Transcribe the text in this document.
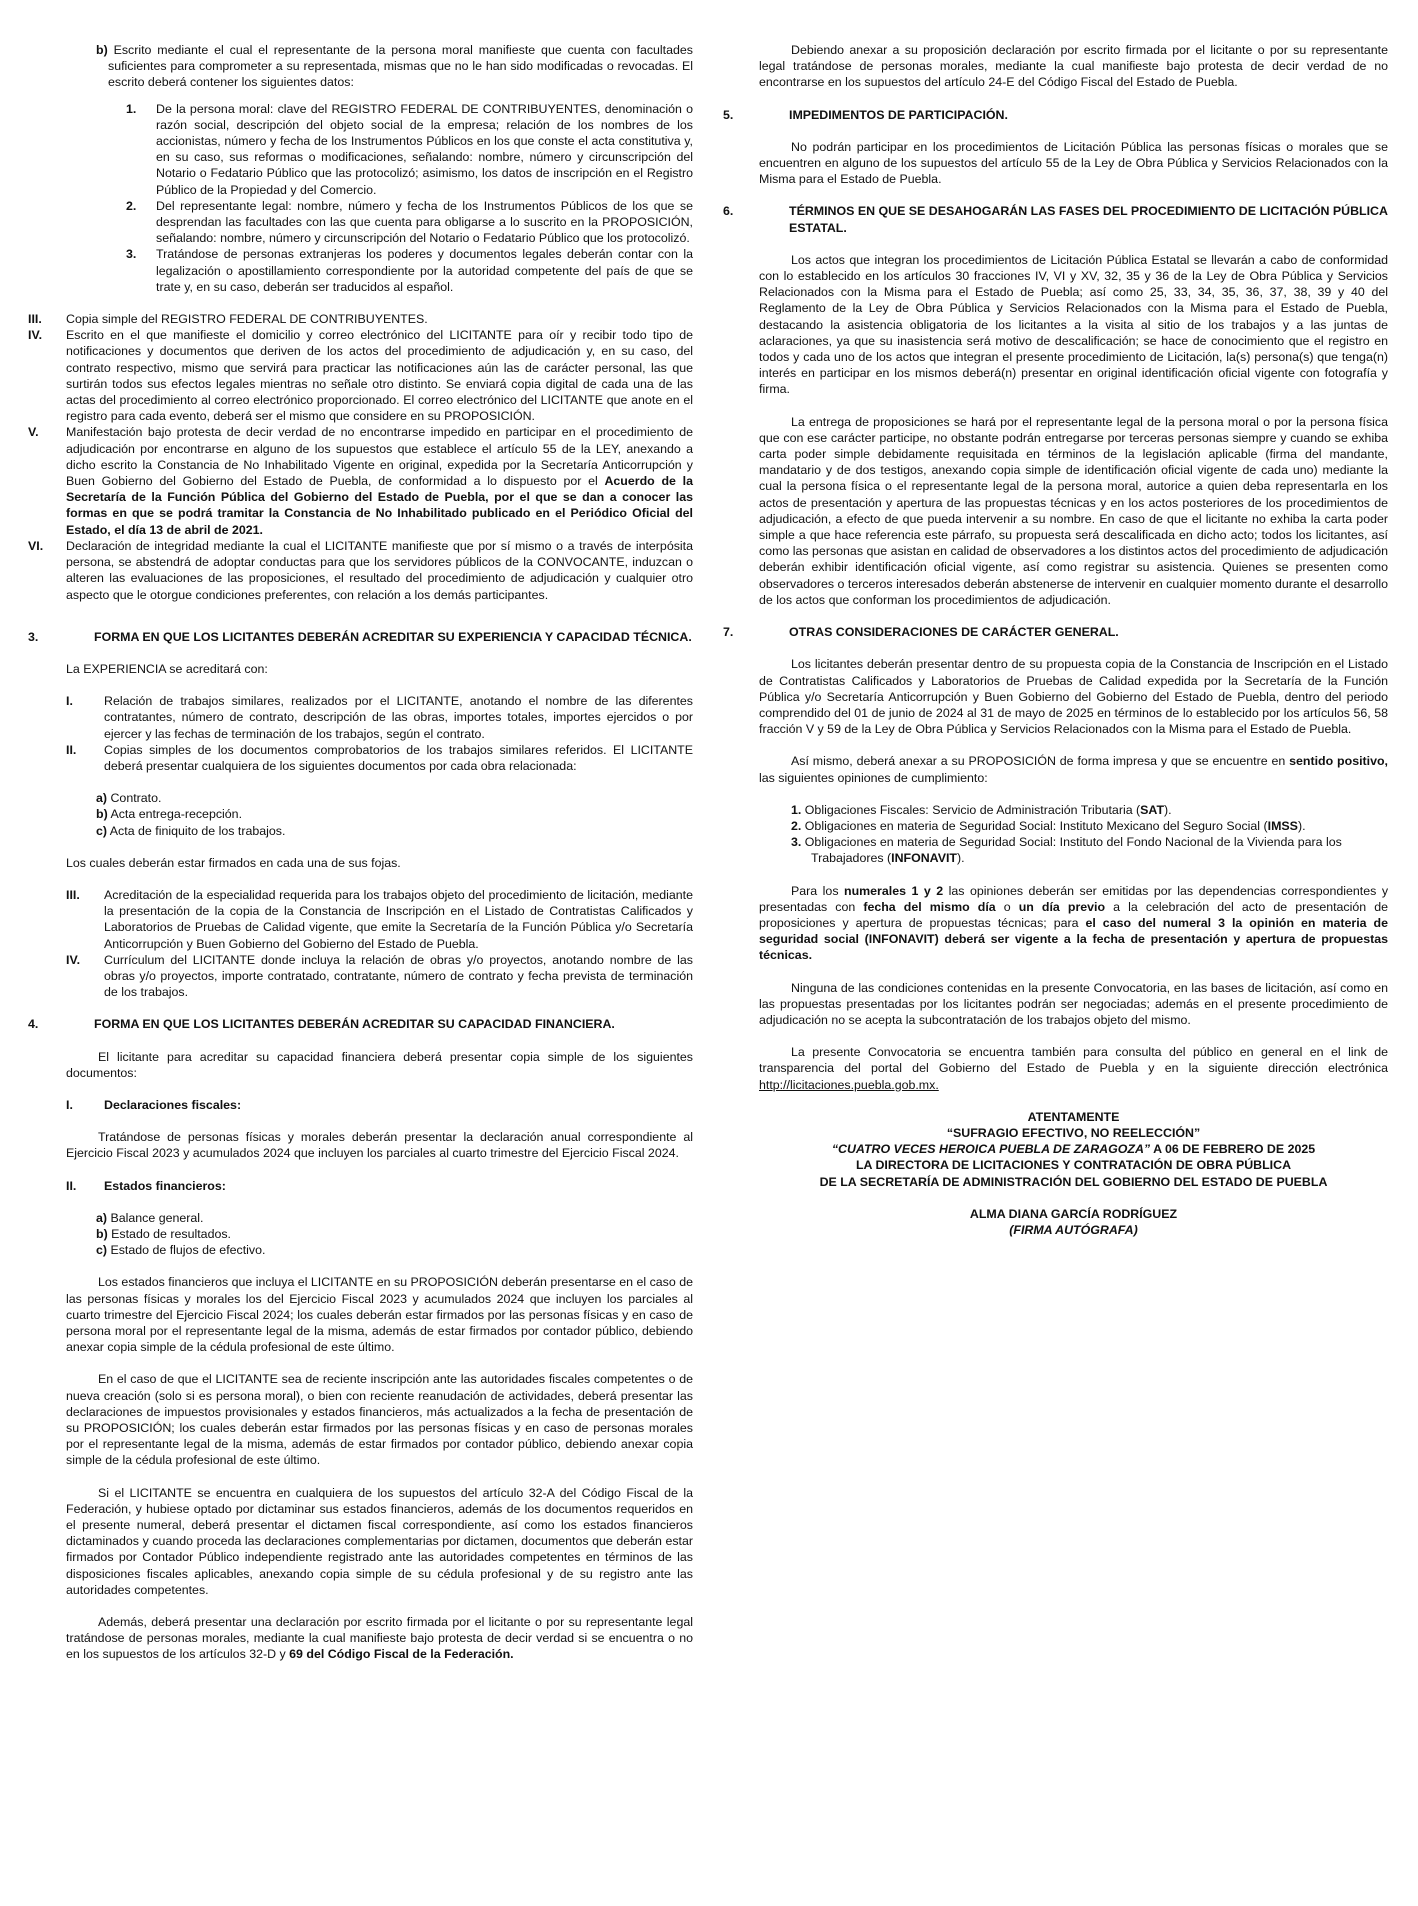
b) Escrito mediante el cual el representante de la persona moral manifieste que cuenta con facultades suficientes para comprometer a su representada, mismas que no le han sido modificadas o revocadas. El escrito deberá contener los siguientes datos:
1.	De la persona moral: clave del REGISTRO FEDERAL DE CONTRIBUYENTES, denominación o razón social, descripción del objeto social de la empresa; relación de los nombres de los accionistas, número y fecha de los Instrumentos Públicos en los que conste el acta constitutiva y, en su caso, sus reformas o modificaciones, señalando: nombre, número y circunscripción del Notario o Fedatario Público que las protocolizó; asimismo, los datos de inscripción en el Registro Público de la Propiedad y del Comercio.
2.	Del representante legal: nombre, número y fecha de los Instrumentos Públicos de los que se desprendan las facultades con las que cuenta para obligarse a lo suscrito en la PROPOSICIÓN, señalando: nombre, número y circunscripción del Notario o Fedatario Público que los protocolizó.
3.	Tratándose de personas extranjeras los poderes y documentos legales deberán contar con la legalización o apostillamiento correspondiente por la autoridad competente del país de que se trate y, en su caso, deberán ser traducidos al español.
III.	Copia simple del REGISTRO FEDERAL DE CONTRIBUYENTES.
IV.	Escrito en el que manifieste el domicilio y correo electrónico del LICITANTE para oír y recibir todo tipo de notificaciones y documentos que deriven de los actos del procedimiento de adjudicación y, en su caso, del contrato respectivo, mismo que servirá para practicar las notificaciones aún las de carácter personal, las que surtirán todos sus efectos legales mientras no señale otro distinto. Se enviará copia digital de cada una de las actas del procedimiento al correo electrónico proporcionado. El correo electrónico del LICITANTE que anote en el registro para cada evento, deberá ser el mismo que considere en su PROPOSICIÓN.
V.	Manifestación bajo protesta de decir verdad de no encontrarse impedido en participar en el procedimiento de adjudicación por encontrarse en alguno de los supuestos que establece el artículo 55 de la LEY, anexando a dicho escrito la Constancia de No Inhabilitado Vigente en original, expedida por la Secretaría Anticorrupción y Buen Gobierno del Gobierno del Estado de Puebla, de conformidad a lo dispuesto por el Acuerdo de la Secretaría de la Función Pública del Gobierno del Estado de Puebla, por el que se dan a conocer las formas en que se podrá tramitar la Constancia de No Inhabilitado publicado en el Periódico Oficial del Estado, el día 13 de abril de 2021.
VI.	Declaración de integridad mediante la cual el LICITANTE manifieste que por sí mismo o a través de interpósita persona, se abstendrá de adoptar conductas para que los servidores públicos de la CONVOCANTE, induzcan o alteren las evaluaciones de las proposiciones, el resultado del procedimiento de adjudicación y cualquier otro aspecto que le otorgue condiciones preferentes, con relación a los demás participantes.
3.	FORMA EN QUE LOS LICITANTES DEBERÁN ACREDITAR SU EXPERIENCIA Y CAPACIDAD TÉCNICA.

La EXPERIENCIA se acreditará con:

I.	Relación de trabajos similares, realizados por el LICITANTE, anotando el nombre de las diferentes contratantes, número de contrato, descripción de las obras, importes totales, importes ejercidos o por ejercer y las fechas de terminación de los trabajos, según el contrato.
II.	Copias simples de los documentos comprobatorios de los trabajos similares referidos. El LICITANTE deberá presentar cualquiera de los siguientes documentos por cada obra relacionada:
a) Contrato.
b) Acta entrega-recepción.
c) Acta de finiquito de los trabajos.

Los cuales deberán estar firmados en cada una de sus fojas.

III.	Acreditación de la especialidad requerida para los trabajos objeto del procedimiento de licitación, mediante la presentación de la copia de la Constancia de Inscripción en el Listado de Contratistas Calificados y Laboratorios de Pruebas de Calidad vigente, que emite la Secretaría de la Función Pública y/o Secretaría Anticorrupción y Buen Gobierno del Gobierno del Estado de Puebla.
IV.	Currículum del LICITANTE donde incluya la relación de obras y/o proyectos, anotando nombre de las obras y/o proyectos, importe contratado, contratante, número de contrato y fecha prevista de terminación de los trabajos.
4.	FORMA EN QUE LOS LICITANTES DEBERÁN ACREDITAR SU CAPACIDAD FINANCIERA.

El licitante para acreditar su capacidad financiera deberá presentar copia simple de los siguientes documentos:

I.	Declaraciones fiscales:

Tratándose de personas físicas y morales deberán presentar la declaración anual correspondiente al Ejercicio Fiscal 2023 y acumulados 2024 que incluyen los parciales al cuarto trimestre del Ejercicio Fiscal 2024.

II.	Estados financieros:
a) Balance general.
b) Estado de resultados.
c) Estado de flujos de efectivo.

Los estados financieros que incluya el LICITANTE en su PROPOSICIÓN deberán presentarse en el caso de las personas físicas y morales los del Ejercicio Fiscal 2023 y acumulados 2024 que incluyen los parciales al cuarto trimestre del Ejercicio Fiscal 2024; los cuales deberán estar firmados por las personas físicas y en caso de persona moral por el representante legal de la misma, además de estar firmados por contador público, debiendo anexar copia simple de la cédula profesional de este último.

En el caso de que el LICITANTE sea de reciente inscripción ante las autoridades fiscales competentes o de nueva creación (solo si es persona moral), o bien con reciente reanudación de actividades, deberá presentar las declaraciones de impuestos provisionales y estados financieros, más actualizados a la fecha de presentación de su PROPOSICIÓN; los cuales deberán estar firmados por las personas físicas y en caso de personas morales por el representante legal de la misma, además de estar firmados por contador público, debiendo anexar copia simple de la cédula profesional de este último.

Si el LICITANTE se encuentra en cualquiera de los supuestos del artículo 32-A del Código Fiscal de la Federación, y hubiese optado por dictaminar sus estados financieros, además de los documentos requeridos en el presente numeral, deberá presentar el dictamen fiscal correspondiente, así como los estados financieros dictaminados y cuando proceda las declaraciones complementarias por dictamen, documentos que deberán estar firmados por Contador Público independiente registrado ante las autoridades competentes en términos de las disposiciones fiscales aplicables, anexando copia simple de su cédula profesional y de su registro ante las autoridades competentes.

Además, deberá presentar una declaración por escrito firmada por el licitante o por su representante legal tratándose de personas morales, mediante la cual manifieste bajo protesta de decir verdad si se encuentra o no en los supuestos de los artículos 32-D y 69 del Código Fiscal de la Federación.

Debiendo anexar a su proposición declaración por escrito firmada por el licitante o por su representante legal tratándose de personas morales, mediante la cual manifieste bajo protesta de decir verdad de no encontrarse en los supuestos del artículo 24-E del Código Fiscal del Estado de Puebla.

5.	IMPEDIMENTOS DE PARTICIPACIÓN.

No podrán participar en los procedimientos de Licitación Pública las personas físicas o morales que se encuentren en alguno de los supuestos del artículo 55 de la Ley de Obra Pública y Servicios Relacionados con la Misma para el Estado de Puebla.

6.	TÉRMINOS EN QUE SE DESAHOGARÁN LAS FASES DEL PROCEDIMIENTO DE LICITACIÓN PÚBLICA ESTATAL.

Los actos que integran los procedimientos de Licitación Pública Estatal se llevarán a cabo de conformidad con lo establecido en los artículos 30 fracciones IV, VI y XV, 32, 35 y 36 de la Ley de Obra Pública y Servicios Relacionados con la Misma para el Estado de Puebla; así como 25, 33, 34, 35, 36, 37, 38, 39 y 40 del Reglamento de la Ley de Obra Pública y Servicios Relacionados con la Misma para el Estado de Puebla, destacando la asistencia obligatoria de los licitantes a la visita al sitio de los trabajos y a las juntas de aclaraciones, ya que su inasistencia será motivo de descalificación; se hace de conocimiento que el registro en todos y cada uno de los actos que integran el presente procedimiento de Licitación, la(s) persona(s) que tenga(n) interés en participar en los mismos deberá(n) presentar en original identificación oficial vigente con fotografía y firma.

La entrega de proposiciones se hará por el representante legal de la persona moral o por la persona física que con ese carácter participe, no obstante podrán entregarse por terceras personas siempre y cuando se exhiba carta poder simple debidamente requisitada en términos de la legislación aplicable (firma del mandante, mandatario y de dos testigos, anexando copia simple de identificación oficial vigente de cada uno) mediante la cual la persona física o el representante legal de la persona moral, autorice a quien deba representarla en los actos de presentación y apertura de las propuestas técnicas y en los actos posteriores de los procedimientos de adjudicación, a efecto de que pueda intervenir a su nombre. En caso de que el licitante no exhiba la carta poder simple a que hace referencia este párrafo, su propuesta será descalificada en dicho acto; todos los licitantes, así como las personas que asistan en calidad de observadores a los distintos actos del procedimiento de adjudicación deberán exhibir identificación oficial vigente, así como registrar su asistencia. Quienes se presenten como observadores o terceros interesados deberán abstenerse de intervenir en cualquier momento durante el desarrollo de los actos que conforman los procedimientos de adjudicación.

7.	OTRAS CONSIDERACIONES DE CARÁCTER GENERAL.

Los licitantes deberán presentar dentro de su propuesta copia de la Constancia de Inscripción en el Listado de Contratistas Calificados y Laboratorios de Pruebas de Calidad expedida por la Secretaría de la Función Pública y/o Secretaría Anticorrupción y Buen Gobierno del Gobierno del Estado de Puebla, dentro del periodo comprendido del 01 de junio de 2024 al 31 de mayo de 2025 en términos de lo establecido por los artículos 56, 58 fracción V y 59 de la Ley de Obra Pública y Servicios Relacionados con la Misma para el Estado de Puebla.

Así mismo, deberá anexar a su PROPOSICIÓN de forma impresa y que se encuentre en sentido positivo, las siguientes opiniones de cumplimiento:

1. Obligaciones Fiscales: Servicio de Administración Tributaria (SAT).
2. Obligaciones en materia de Seguridad Social: Instituto Mexicano del Seguro Social (IMSS).
3. Obligaciones en materia de Seguridad Social: Instituto del Fondo Nacional de la Vivienda para los Trabajadores (INFONAVIT).

Para los numerales 1 y 2 las opiniones deberán ser emitidas por las dependencias correspondientes y presentadas con fecha del mismo día o un día previo a la celebración del acto de presentación de proposiciones y apertura de propuestas técnicas; para el caso del numeral 3 la opinión en materia de seguridad social (INFONAVIT) deberá ser vigente a la fecha de presentación y apertura de propuestas técnicas.

Ninguna de las condiciones contenidas en la presente Convocatoria, en las bases de licitación, así como en las propuestas presentadas por los licitantes podrán ser negociadas; además en el presente procedimiento de adjudicación no se acepta la subcontratación de los trabajos objeto del mismo.

La presente Convocatoria se encuentra también para consulta del público en general en el link de transparencia del portal del Gobierno del Estado de Puebla y en la siguiente dirección electrónica http://licitaciones.puebla.gob.mx.

ATENTAMENTE
“SUFRAGIO EFECTIVO, NO REELECCIÓN”
“CUATRO VECES HEROICA PUEBLA DE ZARAGOZA” A 06 DE FEBRERO DE 2025
LA DIRECTORA DE LICITACIONES Y CONTRATACIÓN DE OBRA PÚBLICA
DE LA SECRETARÍA DE ADMINISTRACIÓN DEL GOBIERNO DEL ESTADO DE PUEBLA
ALMA DIANA GARCÍA RODRÍGUEZ
(FIRMA AUTÓGRAFA)
